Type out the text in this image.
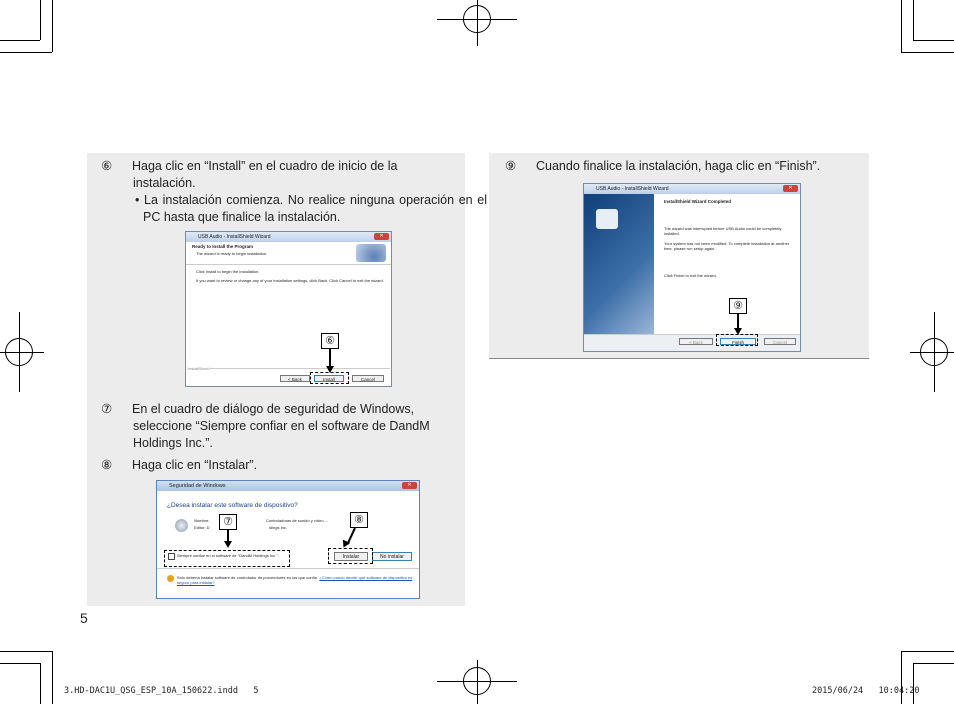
⑥ Haga clic en “Install” en el cuadro de inicio de la instalación.
• La instalación comienza. No realice ninguna operación en el PC hasta que finalice la instalación.
USB Audio - InstallShield Wizard	✕
Ready to Install the Program
The wizard is ready to begin installation.
Click Install to begin the installation.
If you want to review or change any of your installation settings, click Back. Click Cancel to exit the wizard.
InstallShield
< Back	Install	Cancel
⑥
⑦ En el cuadro de diálogo de seguridad de Windows, seleccione “Siempre confiar en el software de DandM Holdings Inc.”.
⑧ Haga clic en “Instalar”.
Seguridad de Windows	✕
¿Desea instalar este software de dispositivo?
Nombre:	Controladoras de sonido y vídeo ...
Editor: D	ldings Inc.
Siempre confiar en el software de "DandM Holdings Inc.".	Instalar	No instalar
Sólo debería instalar software de controlador de proveedores en los que confíe. ¿Cómo puedo decidir qué software de dispositivo es seguro para instalar?
⑦	⑧
⑨ Cuando finalice la instalación, haga clic en “Finish”.
USB Audio - InstallShield Wizard	✕
InstallShield Wizard Completed
The wizard was interrupted before USB Audio could be completely installed.
Your system has not been modified. To complete installation at another time, please run setup again.
Click Finish to exit the wizard.
< Back	Finish	Cancel
⑨
5
3.HD-DAC1U_QSG_ESP_10A_150622.indd 5	2015/06/24 10:04:20
